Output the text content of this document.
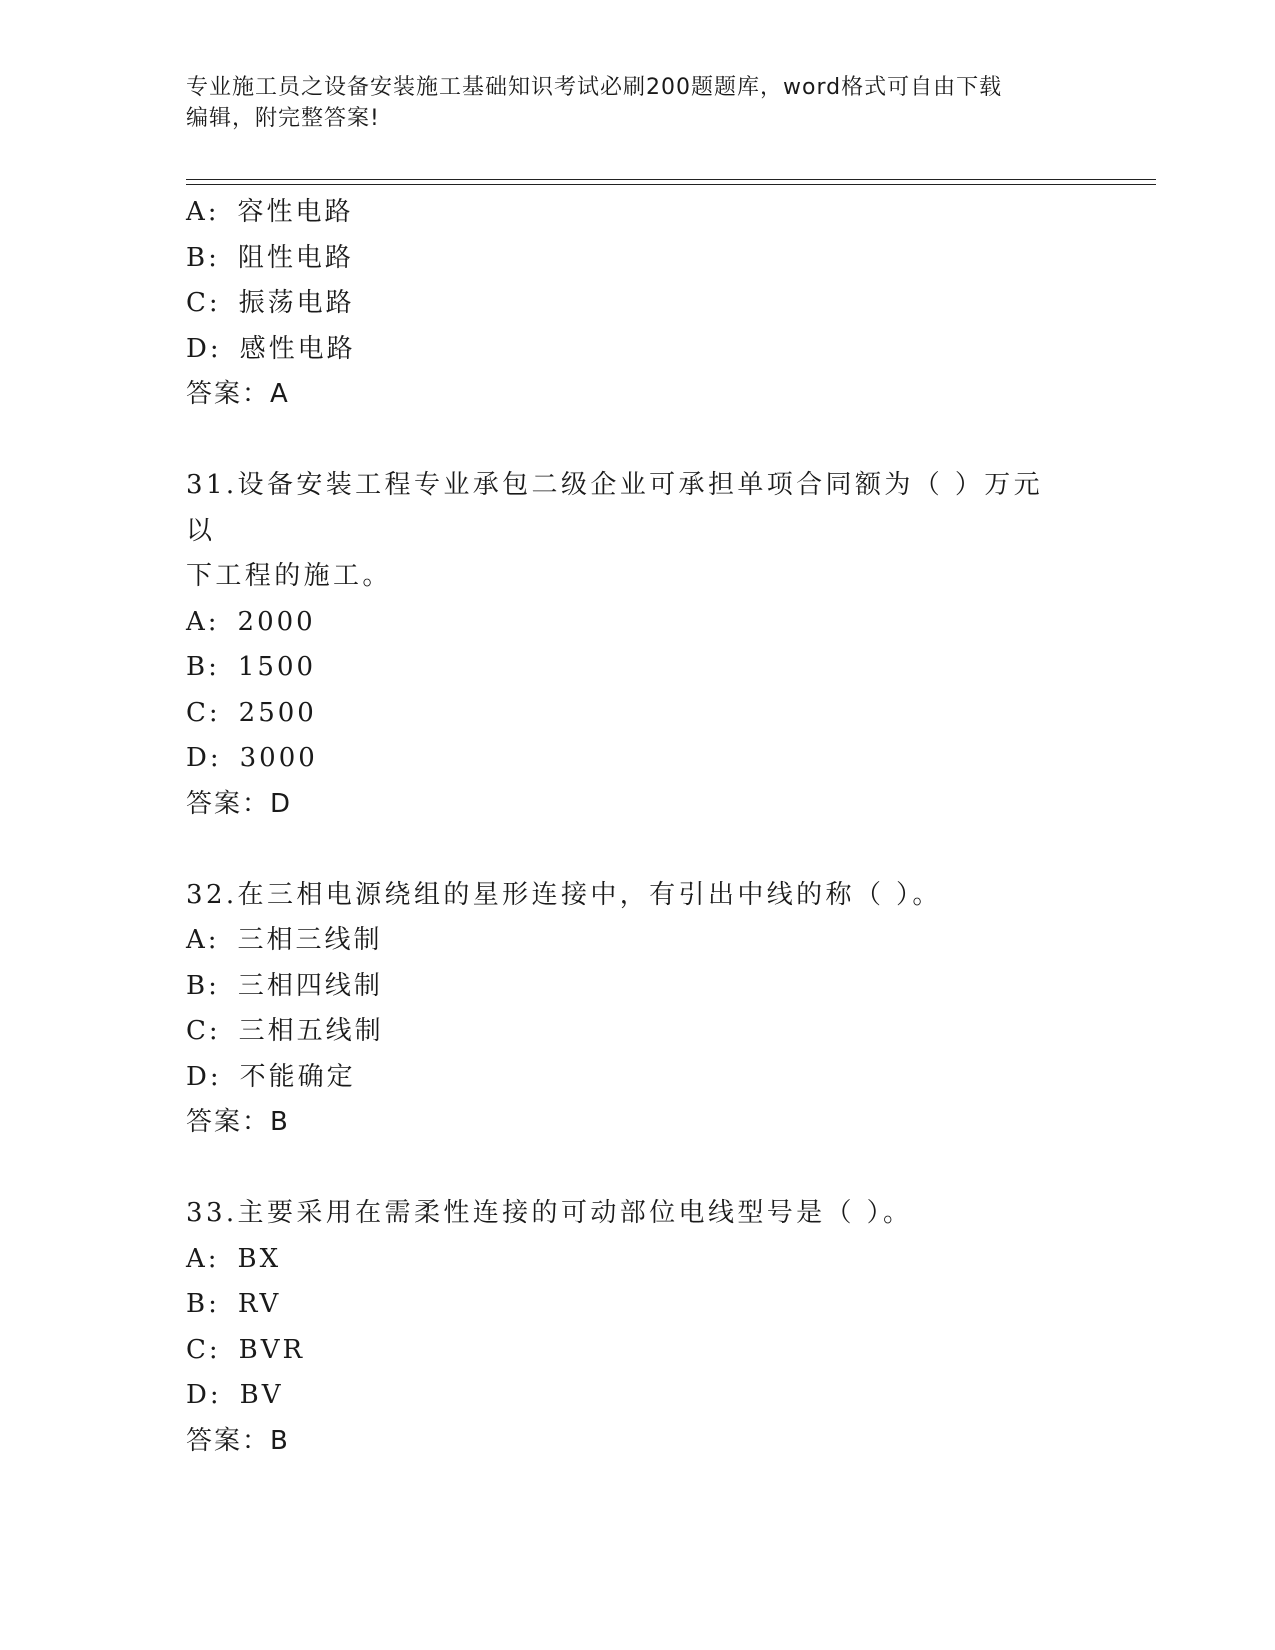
专业施工员之设备安装施工基础知识考试必刷200题题库，word格式可自由下载
编辑，附完整答案!
A: 容性电路
B: 阻性电路
C: 振荡电路
D: 感性电路
答案：A
31.设备安装工程专业承包二级企业可承担单项合同额为（ ）万元以
下工程的施工。
A: 2000
B: 1500
C: 2500
D: 3000
答案：D
32.在三相电源绕组的星形连接中，有引出中线的称（ ）。
A: 三相三线制
B: 三相四线制
C: 三相五线制
D: 不能确定
答案：B
33.主要采用在需柔性连接的可动部位电线型号是（ ）。
A: BX
B: RV
C: BVR
D: BV
答案：B
